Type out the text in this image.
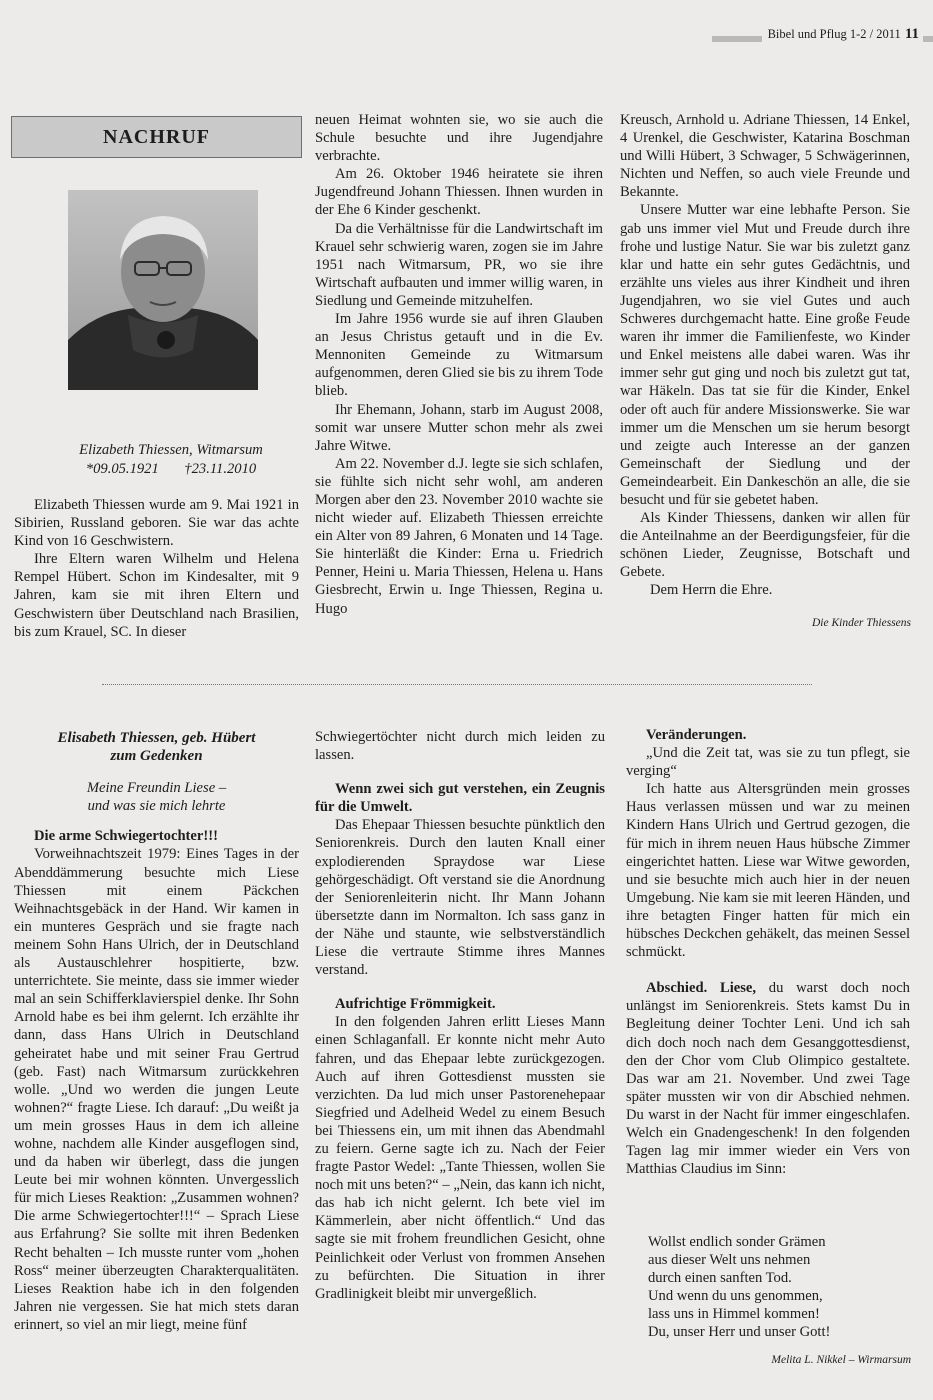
Bibel und Pflug 1-2 / 2011 11
NACHRUF
Elizabeth Thiessen, Witmarsum
*09.05.1921       †23.11.2010

Elizabeth Thiessen wurde am 9. Mai 1921 in Sibirien, Russland geboren. Sie war das achte Kind von 16 Geschwistern.

Ihre Eltern waren Wilhelm und Helena Rempel Hübert. Schon im Kindesalter, mit 9 Jahren, kam sie mit ihren Eltern und Geschwistern über Deutschland nach Brasilien, bis zum Krauel, SC. In dieser

neuen Heimat wohnten sie, wo sie auch die Schule besuchte und ihre Jugendjahre verbrachte.

Am 26. Oktober 1946 heiratete sie ihren Jugendfreund Johann Thiessen. Ihnen wurden in der Ehe 6 Kinder geschenkt.

Da die Verhältnisse für die Landwirtschaft im Krauel sehr schwierig waren, zogen sie im Jahre 1951 nach Witmarsum, PR, wo sie ihre Wirtschaft aufbauten und immer willig waren, in Siedlung und Gemeinde mitzuhelfen.

Im Jahre 1956 wurde sie auf ihren Glauben an Jesus Christus getauft und in die Ev. Mennoniten Gemeinde zu Witmarsum aufgenommen, deren Glied sie bis zu ihrem Tode blieb.

Ihr Ehemann, Johann, starb im August 2008, somit war unsere Mutter schon mehr als zwei Jahre Witwe.

Am 22. November d.J. legte sie sich schlafen, sie fühlte sich nicht sehr wohl, am anderen Morgen aber den 23. November 2010 wachte sie nicht wieder auf. Elizabeth Thiessen erreichte ein Alter von 89 Jahren, 6 Monaten und 14 Tage. Sie hinterläßt die Kinder: Erna u. Friedrich Penner, Heini u. Maria Thiessen, Helena u. Hans Giesbrecht, Erwin u. Inge Thiessen, Regina u. Hugo

Kreusch, Arnhold u. Adriane Thiessen, 14 Enkel, 4 Urenkel, die Geschwister, Katarina Boschman und Willi Hübert, 3 Schwager, 5 Schwägerinnen, Nichten und Neffen, so auch viele Freunde und Bekannte.

Unsere Mutter war eine lebhafte Person. Sie gab uns immer viel Mut und Freude durch ihre frohe und lustige Natur. Sie war bis zuletzt ganz klar und hatte ein sehr gutes Gedächtnis, und erzählte uns vieles aus ihrer Kindheit und ihren Jugendjahren, wo sie viel Gutes und auch Schweres durchgemacht hatte. Eine große Feude waren ihr immer die Familienfeste, wo Kinder und Enkel meistens alle dabei waren. Was ihr immer sehr gut ging und noch bis zuletzt gut tat, war Häkeln. Das tat sie für die Kinder, Enkel oder oft auch für andere Missionswerke. Sie war immer um die Menschen um sie herum besorgt und zeigte auch Interesse an der ganzen Gemeinschaft der Siedlung und der Gemeindearbeit. Ein Dankeschön an alle, die sie besucht und für sie gebetet haben.

Als Kinder Thiessens, danken wir allen für die Anteilnahme an der Beerdigungsfeier, für die schönen Lieder, Zeugnisse, Botschaft und Gebete.

Dem Herrn die Ehre.

Die Kinder Thiessens

Elisabeth Thiessen, geb. Hübert

zum Gedenken

Meine Freundin Liese –

und was sie mich lehrte

Die arme Schwiegertochter!!!

Vorweihnachtszeit 1979: Eines Tages in der Abenddämmerung besuchte mich Liese Thiessen mit einem Päckchen Weihnachtsgebäck in der Hand. Wir kamen in ein munteres Gespräch und sie fragte nach meinem Sohn Hans Ulrich, der in Deutschland als Austauschlehrer hospitierte, bzw. unterrichtete. Sie meinte, dass sie immer wieder mal an sein Schifferklavierspiel denke. Ihr Sohn Arnold habe es bei ihm gelernt. Ich erzählte ihr dann, dass Hans Ulrich in Deutschland geheiratet habe und mit seiner Frau Gertrud (geb. Fast) nach Witmarsum zurückkehren wolle. „Und wo werden die jungen Leute wohnen?“ fragte Liese. Ich darauf: „Du weißt ja um mein grosses Haus in dem ich alleine wohne, nachdem alle Kinder ausgeflogen sind, und da haben wir überlegt, dass die jungen Leute bei mir wohnen könnten. Unvergesslich für mich Lieses Reaktion: „Zusammen wohnen? Die arme Schwiegertochter!!!“ – Sprach Liese aus Erfahrung? Sie sollte mit ihren Bedenken Recht behalten – Ich musste runter vom „hohen Ross“ meiner überzeugten Charakterqualitäten. Lieses Reaktion habe ich in den folgenden Jahren nie vergessen. Sie hat mich stets daran erinnert, so viel an mir liegt, meine fünf

Schwiegertöchter nicht durch mich leiden zu lassen.

Wenn zwei sich gut verstehen, ein Zeugnis für die Umwelt.

Das Ehepaar Thiessen besuchte pünktlich den Seniorenkreis. Durch den lauten Knall einer explodierenden Spraydose war Liese gehörgeschädigt. Oft verstand sie die Anordnung der Seniorenleiterin nicht. Ihr Mann Johann übersetzte dann im Normalton. Ich sass ganz in der Nähe und staunte, wie selbstverständlich Liese die vertraute Stimme ihres Mannes verstand.

Aufrichtige Frömmigkeit.

In den folgenden Jahren erlitt Lieses Mann einen Schlaganfall. Er konnte nicht mehr Auto fahren, und das Ehepaar lebte zurückgezogen. Auch auf ihren Gottesdienst mussten sie verzichten. Da lud mich unser Pastorenehepaar Siegfried und Adelheid Wedel zu einem Besuch bei Thiessens ein, um mit ihnen das Abendmahl zu feiern. Gerne sagte ich zu. Nach der Feier fragte Pastor Wedel: „Tante Thiessen, wollen Sie noch mit uns beten?“ – „Nein, das kann ich nicht, das hab ich nicht gelernt. Ich bete viel im Kämmerlein, aber nicht öffentlich.“ Und das sagte sie mit frohem freundlichen Gesicht, ohne Peinlichkeit oder Verlust von frommen Ansehen zu befürchten. Die Situation in ihrer Gradlinigkeit bleibt mir unvergeßlich.

Veränderungen.

„Und die Zeit tat, was sie zu tun pflegt, sie verging“

Ich hatte aus Altersgründen mein grosses Haus verlassen müssen und war zu meinen Kindern Hans Ulrich und Gertrud gezogen, die für mich in ihrem neuen Haus hübsche Zimmer eingerichtet hatten. Liese war Witwe geworden, und sie besuchte mich auch hier in der neuen Umgebung. Nie kam sie mit leeren Händen, und ihre betagten Finger hatten für mich ein hübsches Deckchen gehäkelt, das meinen Sessel schmückt.

Abschied. Liese, du warst doch noch unlängst im Seniorenkreis. Stets kamst Du in Begleitung deiner Tochter Leni. Und ich sah dich doch noch nach dem Gesanggottesdienst, den der Chor vom Club Olimpico gestaltete. Das war am 21. November. Und zwei Tage später mussten wir von dir Abschied nehmen. Du warst in der Nacht für immer eingeschlafen. Welch ein Gnadengeschenk! In den folgenden Tagen lag mir immer wieder ein Vers von Matthias Claudius im Sinn:

Wollst endlich sonder Grämen
aus dieser Welt uns nehmen
durch einen sanften Tod.
Und wenn du uns genommen,
lass uns in Himmel kommen!
Du, unser Herr und unser Gott!
Melita L. Nikkel – Wirmarsum
